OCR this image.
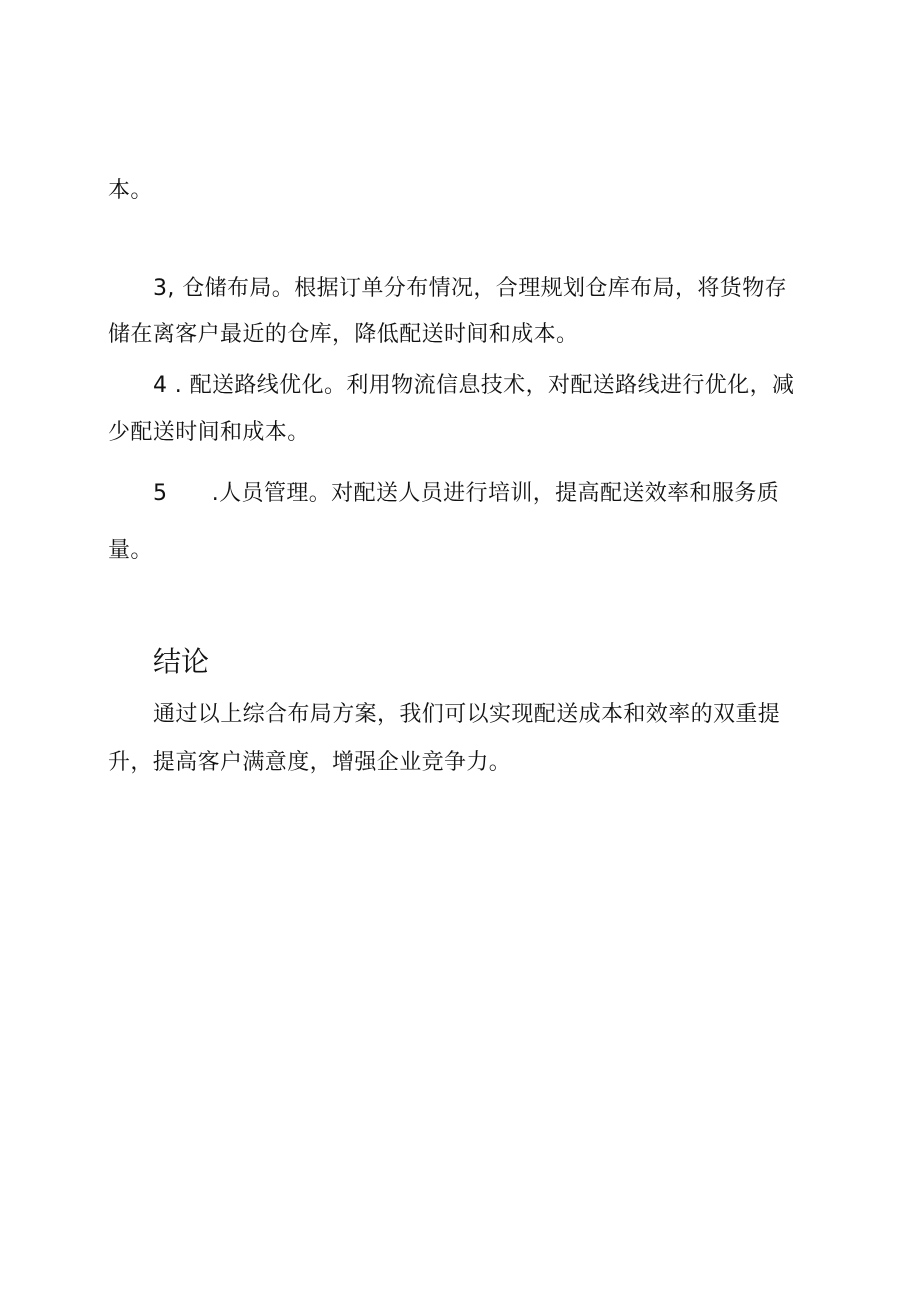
本。
3, 仓储布局。根据订单分布情况，合理规划仓库布局，将货物存
储在离客户最近的仓库，降低配送时间和成本。
4 . 配送路线优化。利用物流信息技术，对配送路线进行优化，减
少配送时间和成本。
5      .人员管理。对配送人员进行培训，提高配送效率和服务质
量。
结论
通过以上综合布局方案，我们可以实现配送成本和效率的双重提
升，提高客户满意度，增强企业竞争力。
